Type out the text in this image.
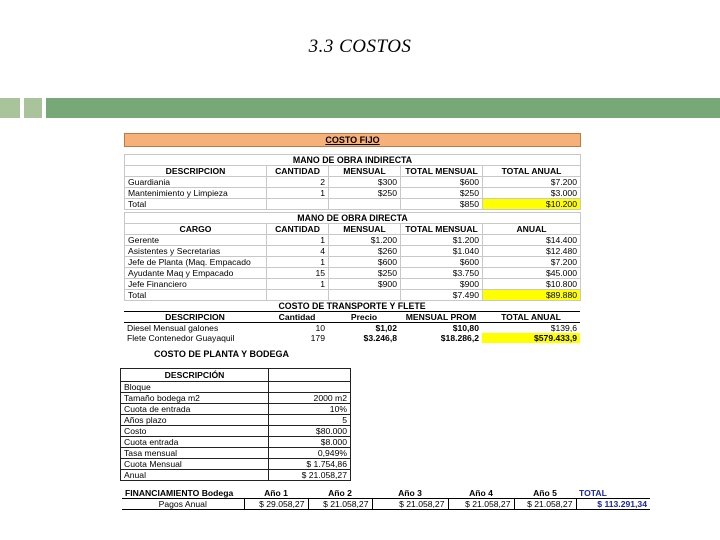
3.3 COSTOS
COSTO FIJO
MANO DE OBRA INDIRECTA				
DESCRIPCION	CANTIDAD	MENSUAL	TOTAL MENSUAL	TOTAL ANUAL
Guardiania	2	$300	$600	$7.200
Mantenimiento y Limpieza	1	$250	$250	$3.000
Total			$850	$10.200
MANO DE OBRA DIRECTA				
CARGO	CANTIDAD	MENSUAL	TOTAL MENSUAL	ANUAL
Gerente	1	$1.200	$1.200	$14.400
Asistentes y Secretarias	4	$260	$1.040	$12.480
Jefe de Planta (Maq. Empacado	1	$600	$600	$7.200
Ayudante Maq y Empacado	15	$250	$3.750	$45.000
Jefe Financiero	1	$900	$900	$10.800
Total			$7.490	$89.880
COSTO DE TRANSPORTE Y FLETE				
DESCRIPCION	Cantidad	Precio	MENSUAL PROM	TOTAL ANUAL
Diesel Mensual galones	10	$1,02	$10,80	$139,6
Flete Contenedor Guayaquil	179	$3.246,8	$18.286,2	$579.433,9
COSTO DE PLANTA Y BODEGA
DESCRIPCIÓN	
Bloque	
Tamaño bodega m2	2000 m2
Cuota de entrada	10%
Años plazo	5
Costo	$80.000
Cuota entrada	$8.000
Tasa mensual	0,949%
Cuota Mensual	$ 1.754,86
Anual	$ 21.058,27
FINANCIAMIENTO Bodega	Año 1	Año 2	Año 3	Año 4	Año 5	TOTAL
Pagos Anual	$ 29.058,27	$ 21.058,27	$ 21.058,27	$ 21.058,27	$ 21.058,27	$ 113.291,34
